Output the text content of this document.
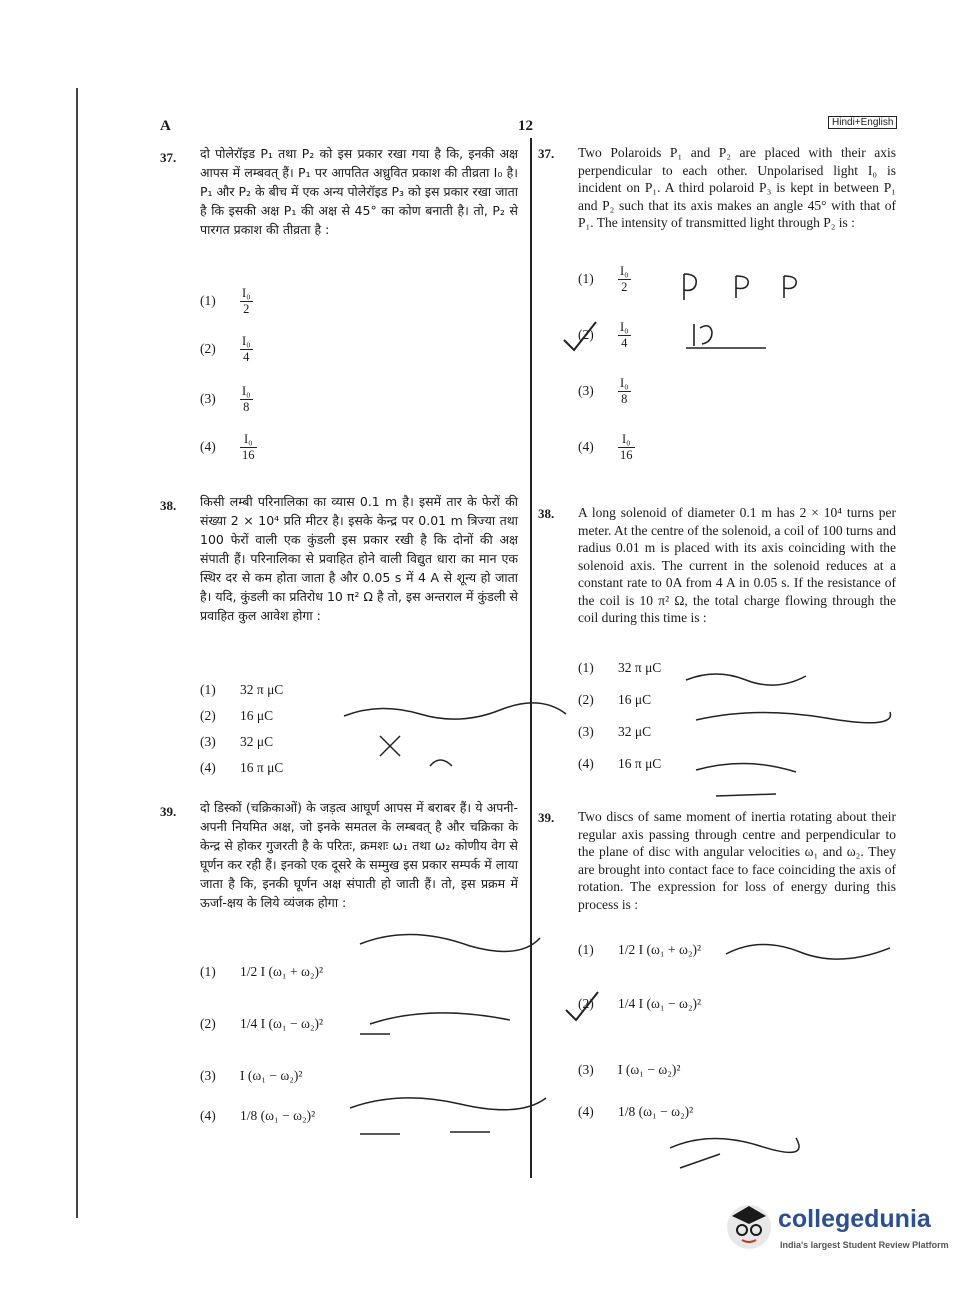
A	12	Hindi+English
37. दो पोलेरॉइड P₁ तथा P₂ को इस प्रकार रखा गया है कि, इनकी अक्ष आपस में लम्बवत् हैं। P₁ पर आपतित अध्रुवित प्रकाश की तीव्रता I₀ है। P₁ और P₂ के बीच में एक अन्य पोलेरॉइड P₃ को इस प्रकार रखा जाता है कि इसकी अक्ष P₁ की अक्ष से 45° का कोण बनाती है। तो, P₂ से पारगत प्रकाश की तीव्रता है :
$(1) \frac{\text{I₀}}{2}$
$(2) \frac{\text{I₀}}{4}$
$(3) \frac{\text{I₀}}{8}$
$(4) \frac{\text{I₀}}{16}$
37. Two Polaroids P₁ and P₂ are placed with their axis perpendicular to each other. Unpolarised light I₀ is incident on P₁. A third polaroid P₃ is kept in between P₁ and P₂ such that its axis makes an angle 45° with that of P₁. The intensity of transmitted light through P₂ is :
$(1) \frac{\text{I₀}}{2}$
$(2) \frac{\text{I₀}}{4}$
$(3) \frac{\text{I₀}}{8}$
$(4) \frac{\text{I₀}}{16}$
38. किसी लम्बी परिनालिका का व्यास 0.1 m है। इसमें तार के फेरों की संख्या 2 × 10⁴ प्रति मीटर है। इसके केन्द्र पर 0.01 m त्रिज्या तथा 100 फेरों वाली एक कुंडली इस प्रकार रखी है कि दोनों की अक्ष संपाती हैं। परिनालिका से प्रवाहित होने वाली विद्युत धारा का मान एक स्थिर दर से कम होता जाता है और 0.05 s में 4 A से शून्य हो जाता है। यदि, कुंडली का प्रतिरोध 10 π² Ω है तो, इस अन्तराल में कुंडली से प्रवाहित कुल आवेश होगा :
(1) 32 π μC
(2) 16 μC
(3) 32 μC
(4) 16 π μC
38. A long solenoid of diameter 0.1 m has 2 × 10⁴ turns per meter. At the centre of the solenoid, a coil of 100 turns and radius 0.01 m is placed with its axis coinciding with the solenoid axis. The current in the solenoid reduces at a constant rate to 0A from 4 A in 0.05 s. If the resistance of the coil is 10 π² Ω, the total charge flowing through the coil during this time is :
(1) 32 π μC
(2) 16 μC
(3) 32 μC
(4) 16 π μC
39. दो डिस्कों (चक्रिकाओं) के जड़त्व आघूर्ण आपस में बराबर हैं। ये अपनी-अपनी नियमित अक्ष, जो इनके समतल के लम्बवत् है और चक्रिका के केन्द्र से होकर गुजरती है के परितः, क्रमशः ω₁ तथा ω₂ कोणीय वेग से घूर्णन कर रही हैं। इनको एक दूसरे के सम्मुख इस प्रकार सम्पर्क में लाया जाता है कि, इनकी घूर्णन अक्ष संपाती हो जाती हैं। तो, इस प्रक्रम में ऊर्जा-क्षय के लिये व्यंजक होगा :
(1) 1/2 I (ω₁ + ω₂)²
(2) 1/4 I (ω₁ − ω₂)²
(3) I (ω₁ − ω₂)²
(4) 1/8 (ω₁ − ω₂)²
39. Two discs of same moment of inertia rotating about their regular axis passing through centre and perpendicular to the plane of disc with angular velocities ω₁ and ω₂. They are brought into contact face to face coinciding the axis of rotation. The expression for loss of energy during this process is :
(1) 1/2 I (ω₁ + ω₂)²
(2) 1/4 I (ω₁ − ω₂)²
(3) I (ω₁ − ω₂)²
(4) 1/8 (ω₁ − ω₂)²
collegedunia
India's largest Student Review Platform
